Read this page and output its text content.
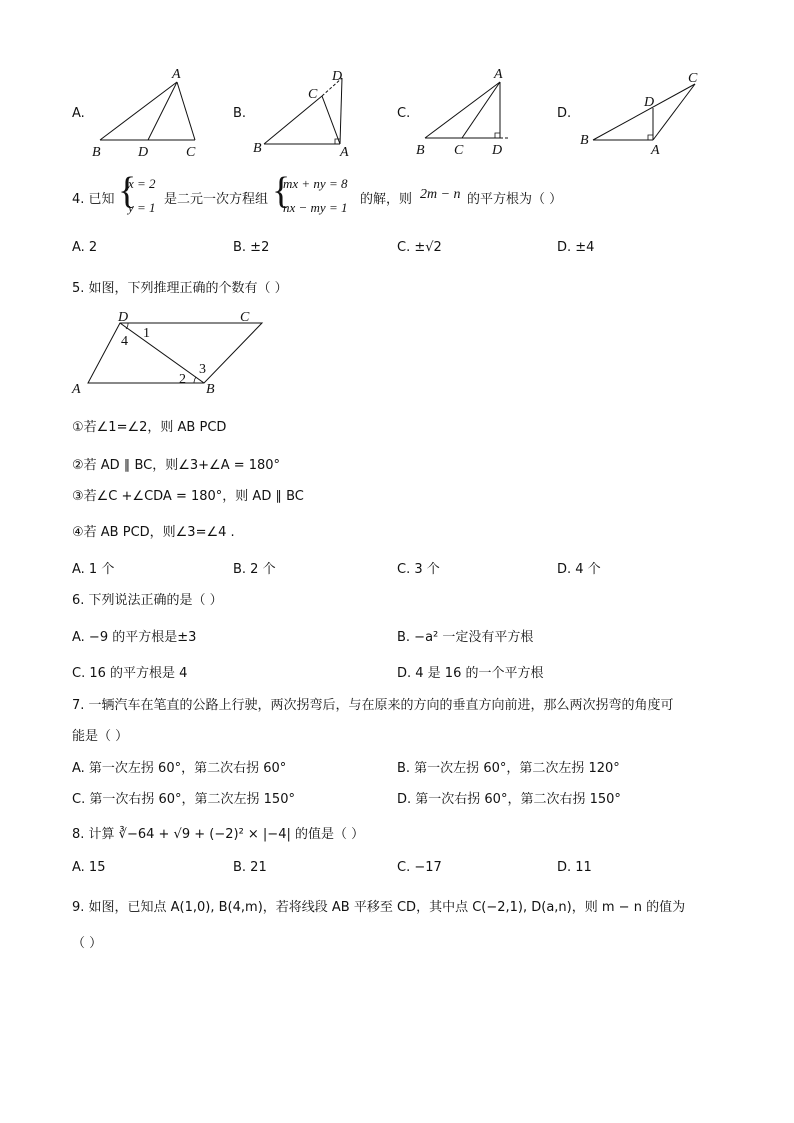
A.
A
B	D	C
B.
D
C
B	A
C.
A
B C D
D.
C
D
B
A
4. 已知 {
x = 2
y = 1
是二元一次方程组 {
mx + ny = 8
nx − my = 1
的解，则 2m − n 的平方根为（ ）
A. 2	B. ±2	C. ±√2	D. ±4
5. 如图，下列推理正确的个数有（ ）
D	C
A	B
1
4
2
3
①若∠1=∠2，则 AB PCD
②若 AD ∥ BC，则∠3+∠A = 180°
③若∠C +∠CDA = 180°，则 AD ∥ BC
④若 AB PCD，则∠3=∠4 .
A. 1 个	B. 2 个	C. 3 个	D. 4 个
6. 下列说法正确的是（ ）
A. −9 的平方根是±3	B. −a² 一定没有平方根
C. 16 的平方根是 4	D. 4 是 16 的一个平方根
7. 一辆汽车在笔直的公路上行驶，两次拐弯后，与在原来的方向的垂直方向前进，那么两次拐弯的角度可
能是（ ）
A. 第一次左拐 60°，第二次右拐 60°	B. 第一次左拐 60°，第二次左拐 120°
C. 第一次右拐 60°，第二次左拐 150°	D. 第一次右拐 60°，第二次右拐 150°
8. 计算 ∛−64 + √9 + (−2)² × |−4| 的值是（ ）
A. 15	B. 21	C. −17	D. 11
9. 如图，已知点 A(1,0), B(4,m)，若将线段 AB 平移至 CD，其中点 C(−2,1), D(a,n)，则 m − n 的值为
（ ）
